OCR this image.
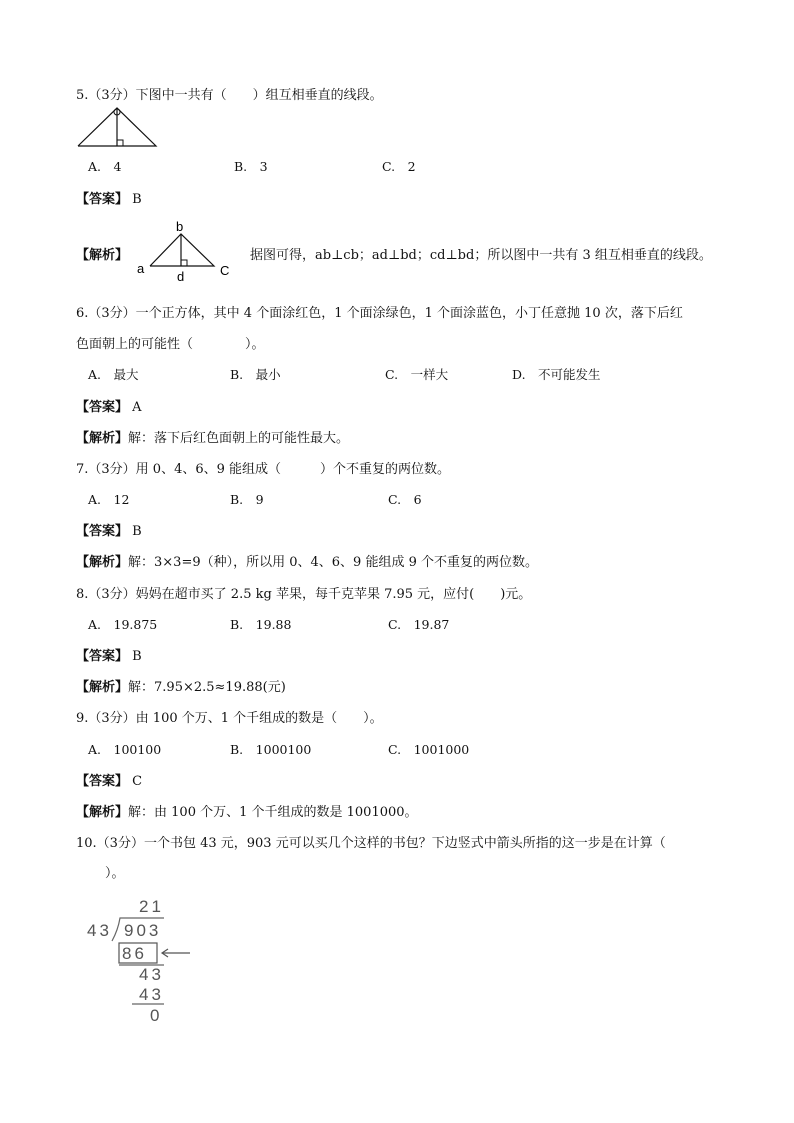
5.（3分）下图中一共有（　　）组互相垂直的线段。
A.　4	B.　3	C.　2
【答案】 B
【解析】
b
a
d	C
据图可得，ab⊥cb；ad⊥bd；cd⊥bd；所以图中一共有 3 组互相垂直的线段。
6.（3分）一个正方体，其中 4 个面涂红色，1 个面涂绿色，1 个面涂蓝色，小丁任意抛 10 次，落下后红
色面朝上的可能性（　　　　）。
A.　最大	B.　最小	C.　一样大	D.　不可能发生
【答案】 A
【解析】解：落下后红色面朝上的可能性最大。
7.（3分）用 0、4、6、9 能组成（　　　）个不重复的两位数。
A.　12	B.　9	C.　6
【答案】 B
【解析】解：3×3=9（种），所以用 0、4、6、9 能组成 9 个不重复的两位数。
8.（3分）妈妈在超市买了 2.5 kg 苹果，每千克苹果 7.95 元，应付(　　)元。
A.　19.875	B.　19.88	C.　19.87
【答案】 B
【解析】解：7.95×2.5≈19.88(元)
9.（3分）由 100 个万、1 个千组成的数是（　　）。
A.　100100	B.　1000100	C.　1001000
【答案】 C
【解析】解：由 100 个万、1 个千组成的数是 1001000。
10.（3分）一个书包 43 元，903 元可以买几个这样的书包？下边竖式中箭头所指的这一步是在计算（
　）。
21
43 903
86
43
43
0
